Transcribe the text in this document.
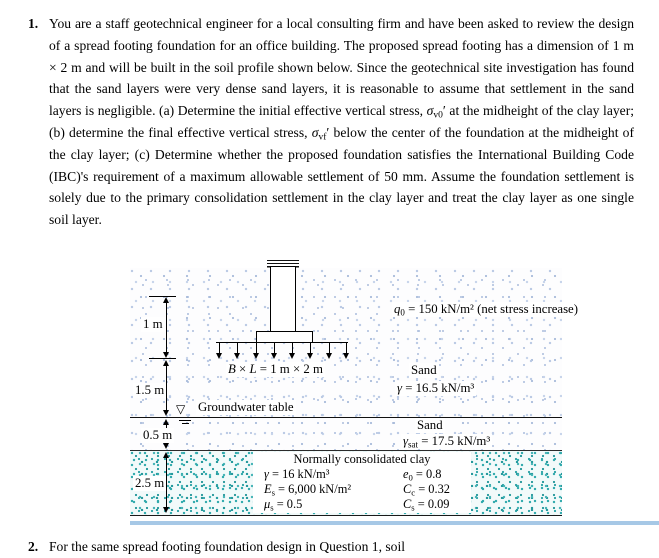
1. You are a staff geotechnical engineer for a local consulting firm and have been asked to review the design of a spread footing foundation for an office building. The proposed spread footing has a dimension of 1 m × 2 m and will be built in the soil profile shown below. Since the geotechnical site investigation has found that the sand layers were very dense sand layers, it is reasonable to assume that settlement in the sand layers is negligible. (a) Determine the initial effective vertical stress, $\sigma_{v0}'$ at the midheight of the clay layer; (b) determine the final effective vertical stress, $\sigma_{vf}'$ below the center of the foundation at the midheight of the clay layer; (c) Determine whether the proposed foundation satisfies the International Building Code (IBC)'s requirement of a maximum allowable settlement of 50 mm. Assume the foundation settlement is solely due to the primary consolidation settlement in the clay layer and treat the clay layer as one single soil layer.
1 m
1.5 m
0.5 m
2.5 m
$q_0 = 150$ kN/m² (net stress increase)
B × L = 1 m × 2 m	Sand
γ = 16.5 kN/m³
Groundwater table
Sand
$\gamma_{sat} = 17.5$ kN/m³
▽
Normally consolidated clay
γ = 16 kN/m³	$e_0 = 0.8$
$E_s = 6,000$ kN/m²	$C_c = 0.32$
$\mu_s = 0.5$	$C_s = 0.09$
2. For the same spread footing foundation design in Question 1, soil
